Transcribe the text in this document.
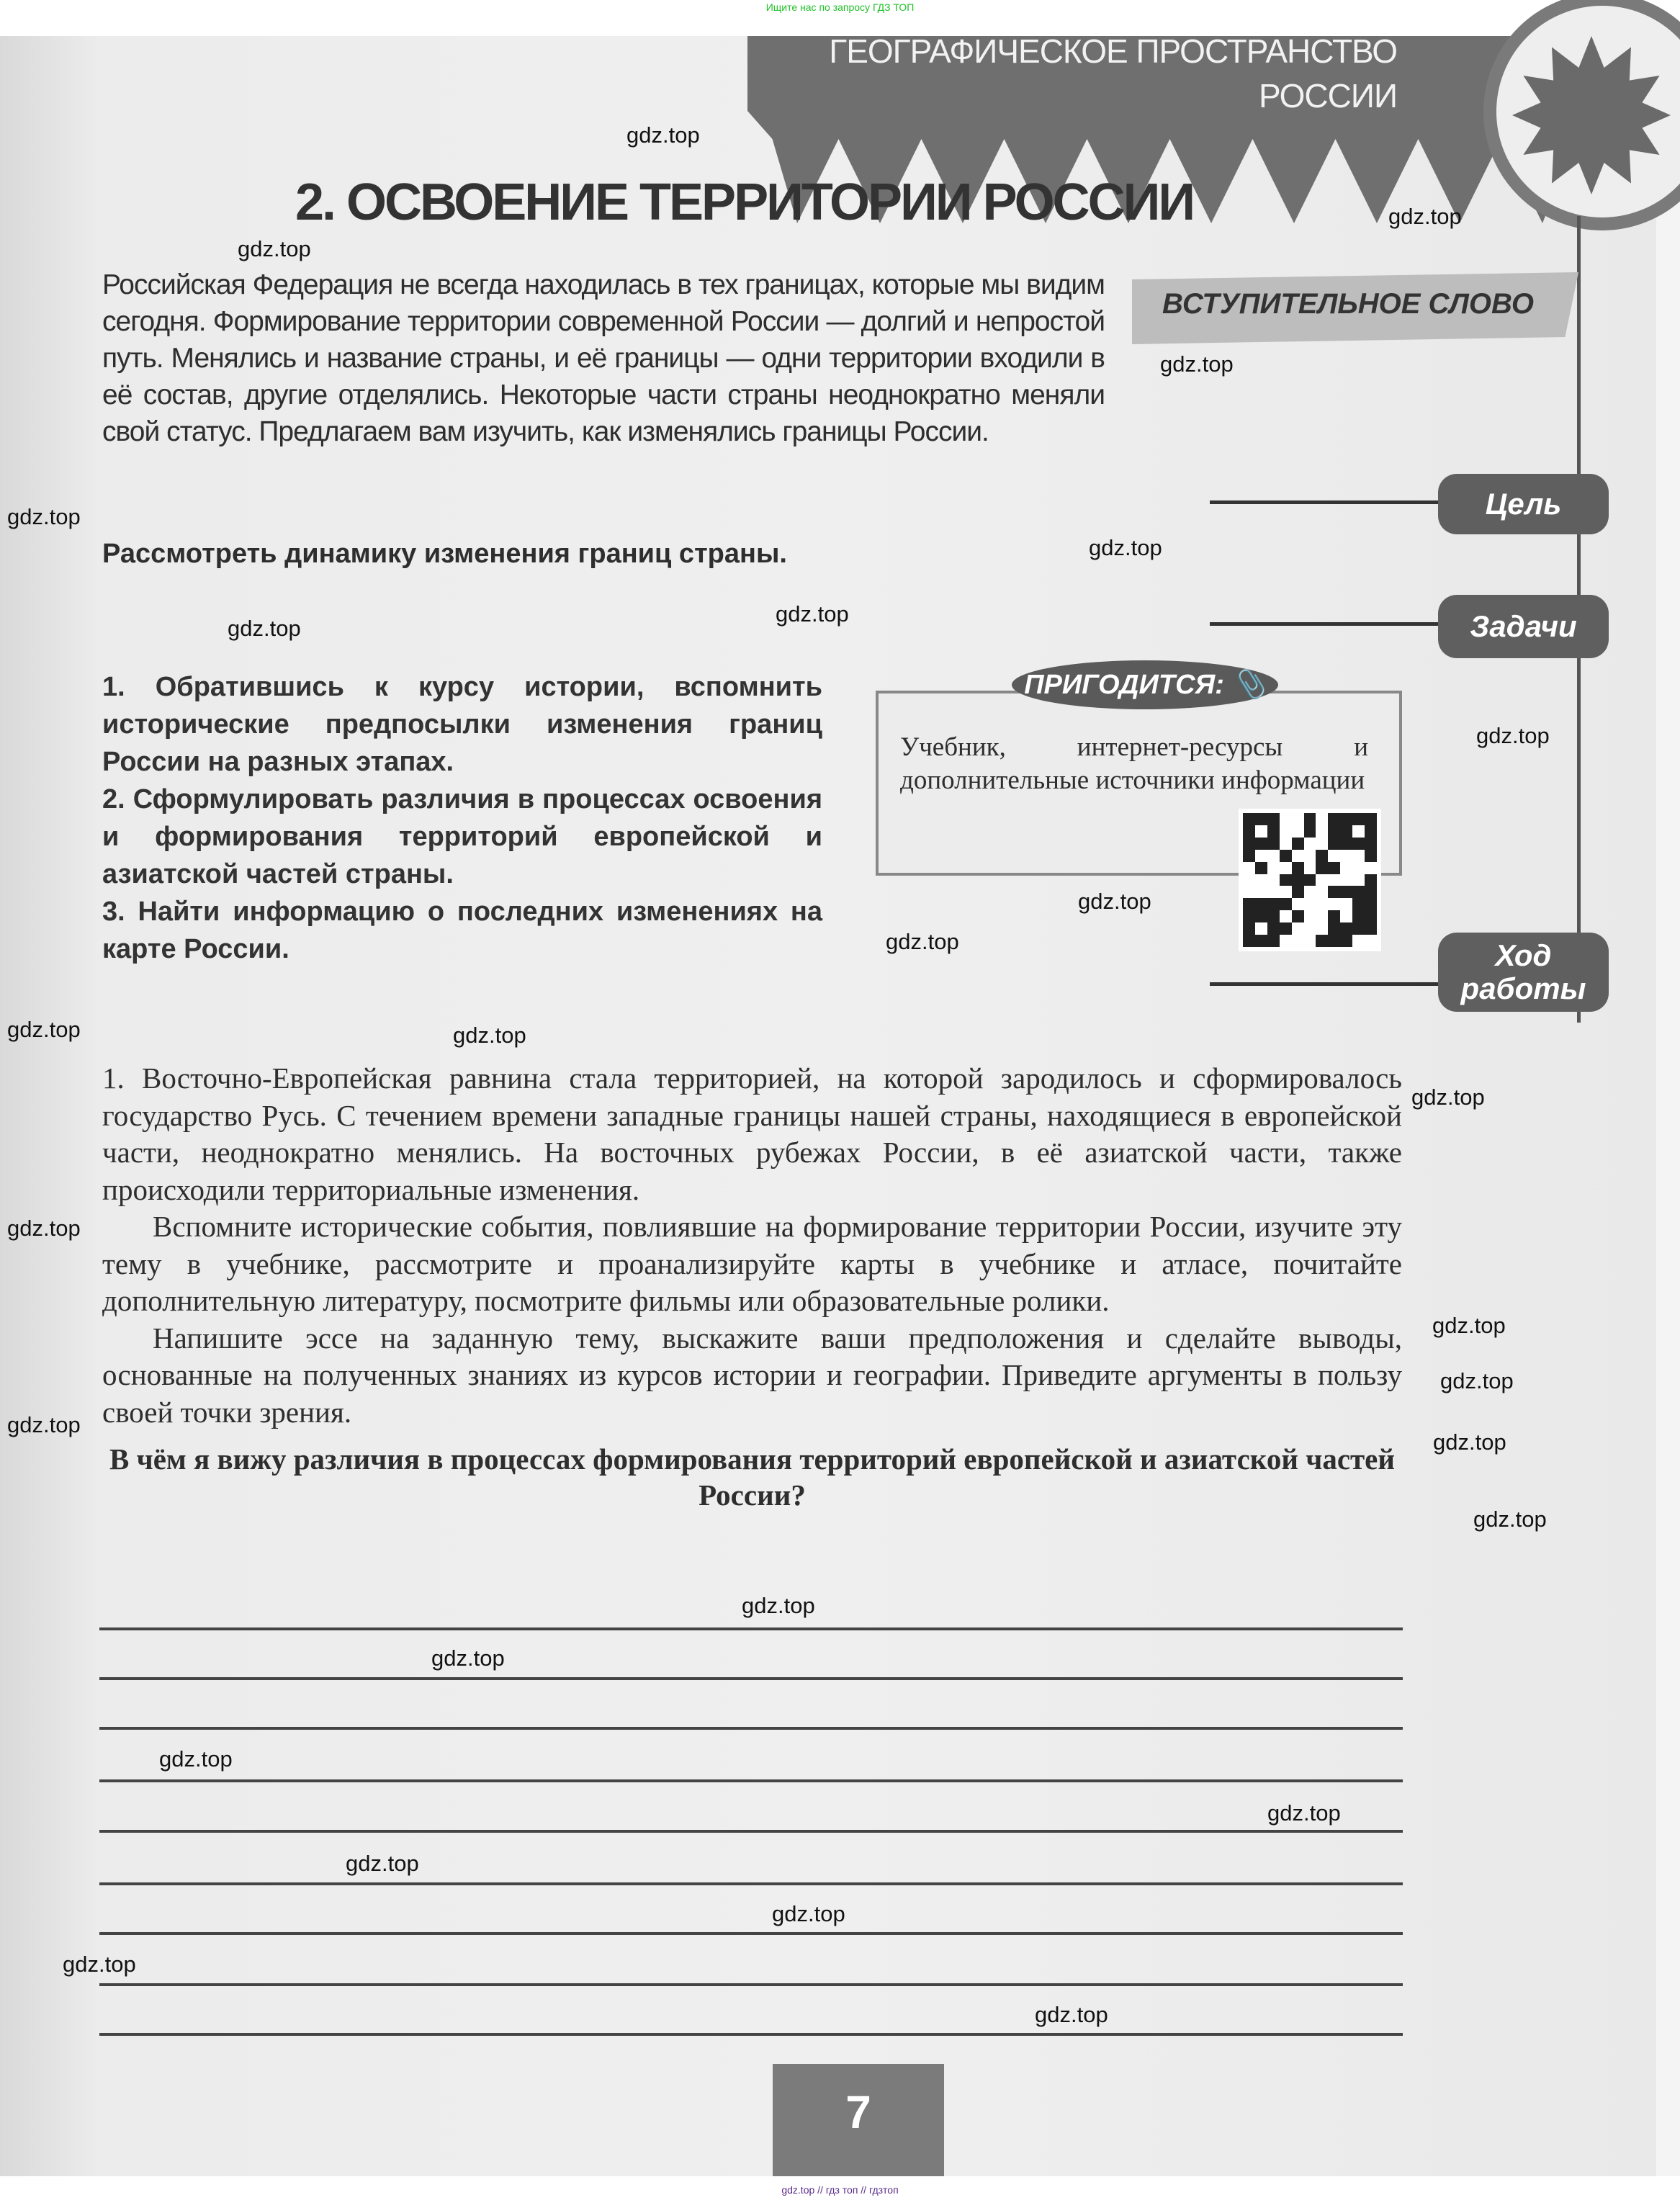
Ищите нас по запросу ГДЗ ТОП
ГЕОГРАФИЧЕСКОЕ ПРОСТРАНСТВО
РОССИИ
2. ОСВОЕНИЕ ТЕРРИТОРИИ РОССИИ
Российская Федерация не всегда находилась в тех границах, которые мы видим сегодня. Формирование территории современной России — долгий и непростой путь. Менялись и название страны, и её границы — одни территории входили в её состав, другие отделялись. Некоторые части страны неоднократно меняли свой статус. Предлагаем вам изучить, как изменялись границы России.
ВСТУПИТЕЛЬНОЕ СЛОВО
Цель
Рассмотреть динамику изменения границ страны.
Задачи
1. Обратившись к курсу истории, вспомнить исторические предпосылки изменения границ России на разных этапах.
2. Сформулировать различия в процессах освоения и формирования территорий европейской и азиатской частей страны.
3. Найти информацию о последних изменениях на карте России.
ПРИГОДИТСЯ: 📎
Учебник, интернет-ресурсы и дополнительные источники информации
Ход работы

1. Восточно-Европейская равнина стала территорией, на которой зародилось и сформировалось государство Русь. С течением времени западные границы нашей страны, находящиеся в европейской части, неоднократно менялись. На восточных рубежах России, в её азиатской части, также происходили территориальные изменения.

Вспомните исторические события, повлиявшие на формирование территории России, изучите эту тему в учебнике, рассмотрите и проанализируйте карты в учебнике и атласе, почитайте дополнительную литературу, посмотрите фильмы или образовательные ролики.

Напишите эссе на заданную тему, выскажите ваши предположения и сделайте выводы, основанные на полученных знаниях из курсов истории и географии. Приведите аргументы в пользу своей точки зрения.

В чём я вижу различия в процессах формирования территорий европейской и азиатской частей России?

7
gdz.top // гдз топ // гдзтоп
gdz.top
gdz.top
gdz.top
gdz.top
gdz.top
gdz.top
gdz.top
gdz.top
gdz.top
gdz.top
gdz.top
gdz.top
gdz.top
gdz.top
gdz.top
gdz.top
gdz.top
gdz.top
gdz.top
gdz.top
gdz.top
gdz.top
gdz.top
gdz.top
gdz.top
gdz.top
gdz.top
gdz.top
